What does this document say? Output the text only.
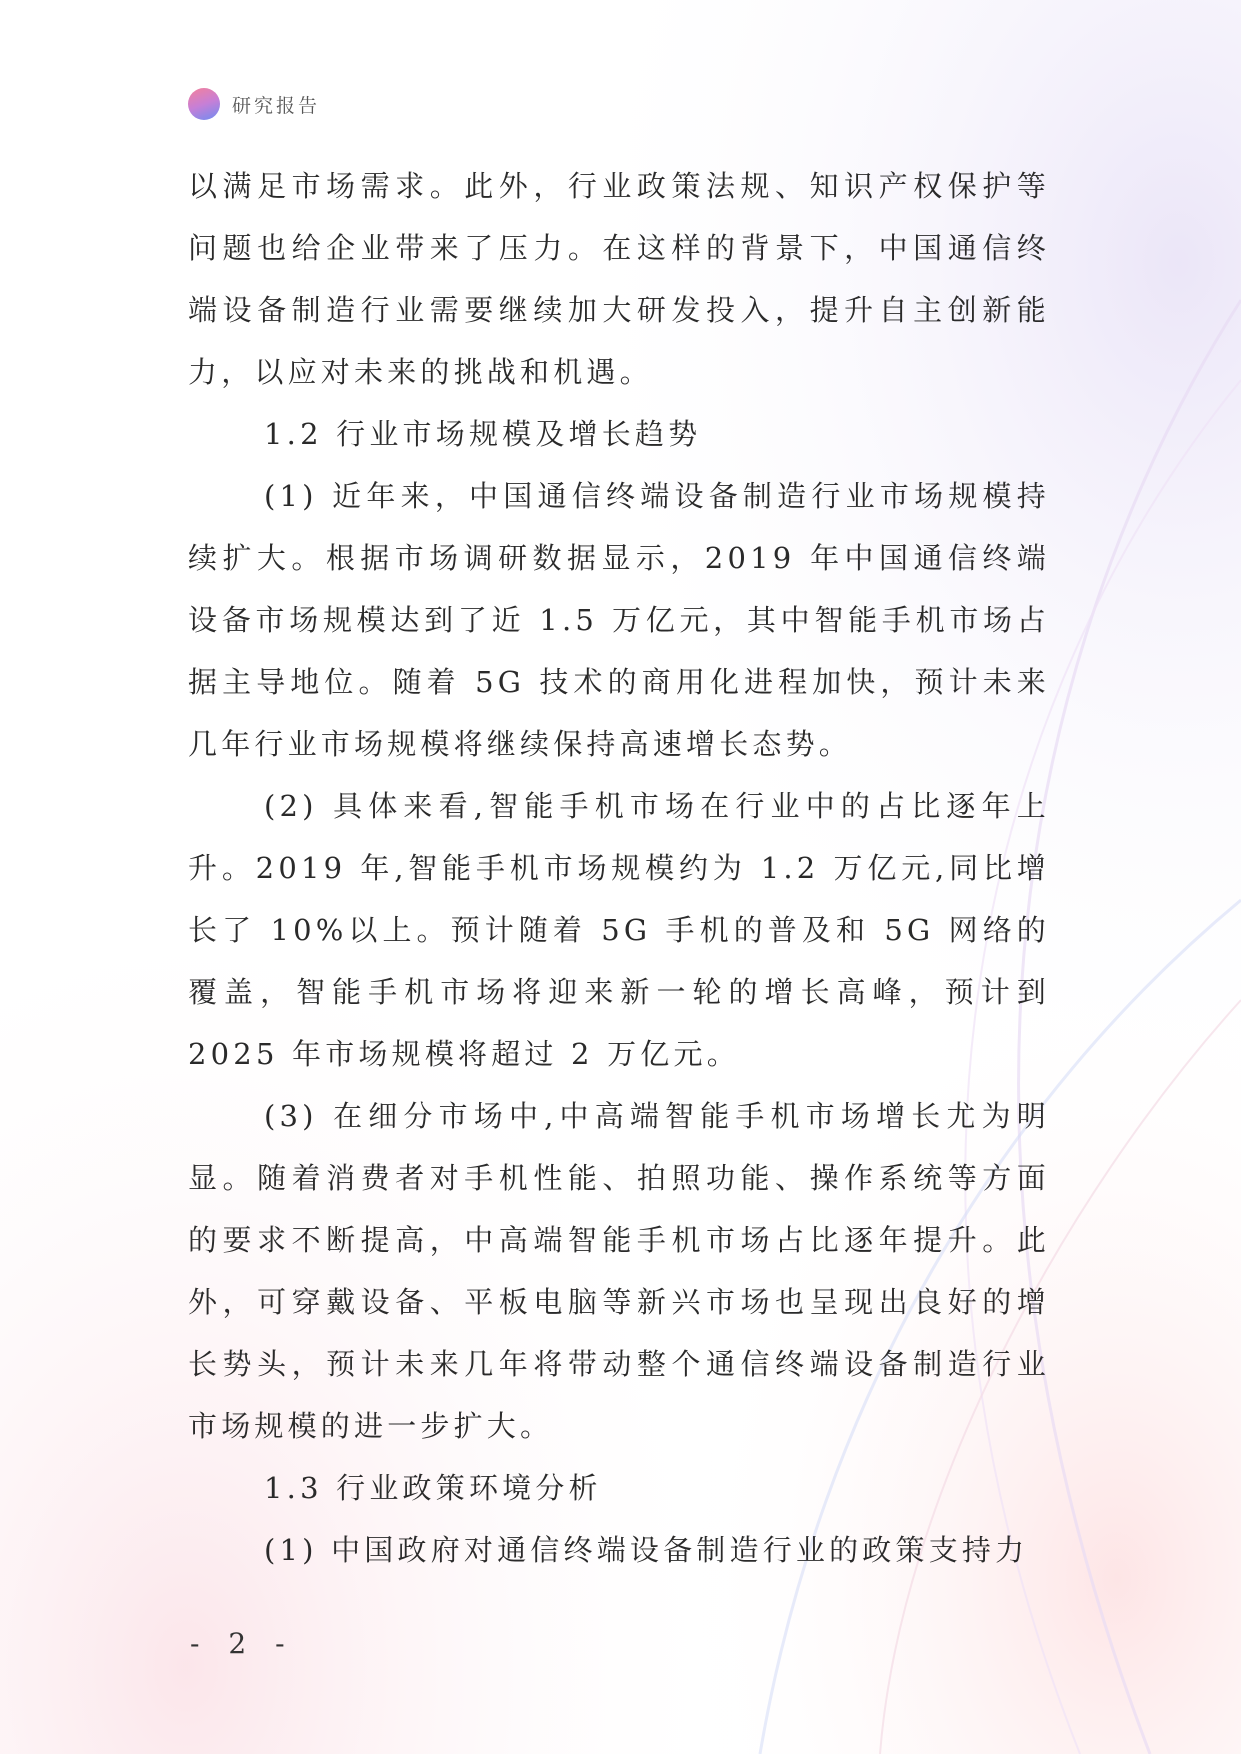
研究报告

以满足市场需求。此外，行业政策法规、知识产权保护等问题也给企业带来了压力。在这样的背景下，中国通信终端设备制造行业需要继续加大研发投入，提升自主创新能力，以应对未来的挑战和机遇。

1.2 行业市场规模及增长趋势

(1) 近年来，中国通信终端设备制造行业市场规模持续扩大。根据市场调研数据显示，2019 年中国通信终端设备市场规模达到了近 1.5 万亿元，其中智能手机市场占据主导地位。随着 5G 技术的商用化进程加快，预计未来几年行业市场规模将继续保持高速增长态势。

(2) 具体来看,智能手机市场在行业中的占比逐年上升。2019 年,智能手机市场规模约为 1.2 万亿元,同比增长了 10%以上。预计随着 5G 手机的普及和 5G 网络的覆盖，智能手机市场将迎来新一轮的增长高峰，预计到 2025 年市场规模将超过 2 万亿元。

(3) 在细分市场中,中高端智能手机市场增长尤为明显。随着消费者对手机性能、拍照功能、操作系统等方面的要求不断提高，中高端智能手机市场占比逐年提升。此外，可穿戴设备、平板电脑等新兴市场也呈现出良好的增长势头，预计未来几年将带动整个通信终端设备制造行业市场规模的进一步扩大。

1.3 行业政策环境分析

(1) 中国政府对通信终端设备制造行业的政策支持力

- 2 -
